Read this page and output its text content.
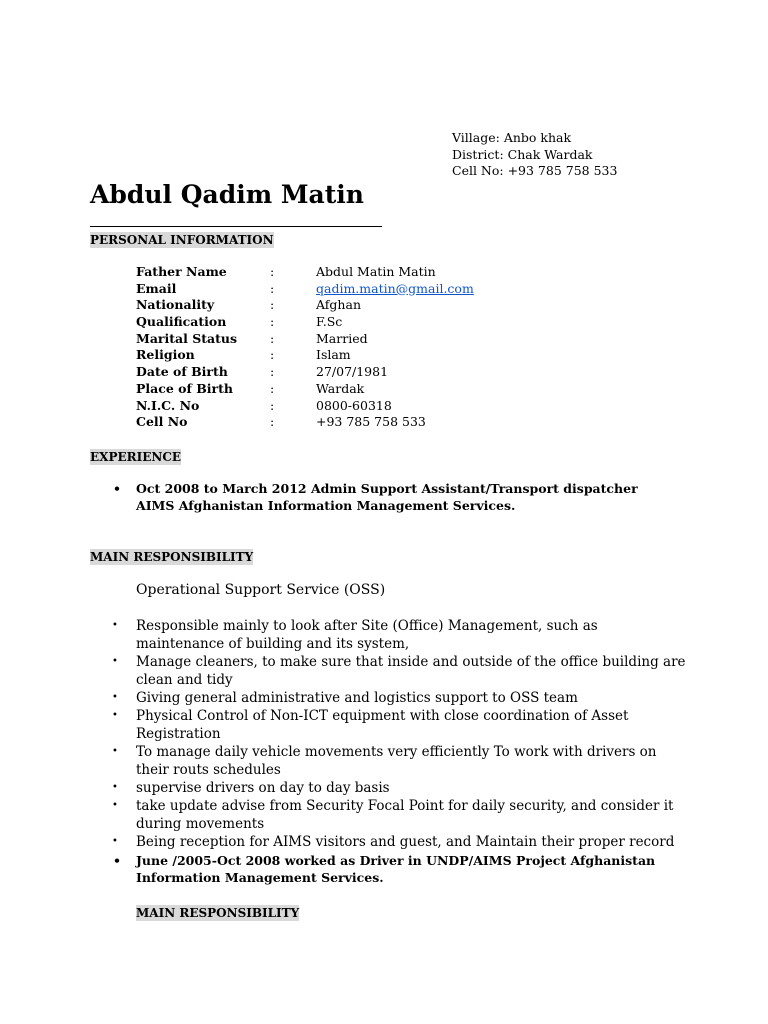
Village: Anbo khak
District: Chak Wardak
Cell No: +93 785 758 533
Abdul Qadim Matin
PERSONAL INFORMATION
Father Name	:	Abdul Matin Matin
Email	:	qadim.matin@gmail.com
Nationality	:	Afghan
Qualification	:	F.Sc
Marital Status	:	Married
Religion	:	Islam
Date of Birth	:	27/07/1981
Place of Birth	:	Wardak
N.I.C. No	:	0800-60318
Cell No	:	+93 785 758 533
EXPERIENCE
• Oct 2008 to March 2012 Admin Support Assistant/Transport dispatcher AIMS Afghanistan Information Management Services.
MAIN RESPONSIBILITY
Operational Support Service (OSS)
• Responsible mainly to look after Site (Office) Management, such as maintenance of building and its system,
• Manage cleaners, to make sure that inside and outside of the office building are clean and tidy
• Giving general administrative and logistics support to OSS team
• Physical Control of Non-ICT equipment with close coordination of Asset Registration
• To manage daily vehicle movements very efficiently To work with drivers on their routs schedules
• supervise drivers on day to day basis
• take update advise from Security Focal Point for daily security, and consider it during movements
• Being reception for AIMS visitors and guest, and Maintain their proper record
• June /2005-Oct 2008 worked as Driver in UNDP/AIMS Project Afghanistan Information Management Services.
MAIN RESPONSIBILITY
